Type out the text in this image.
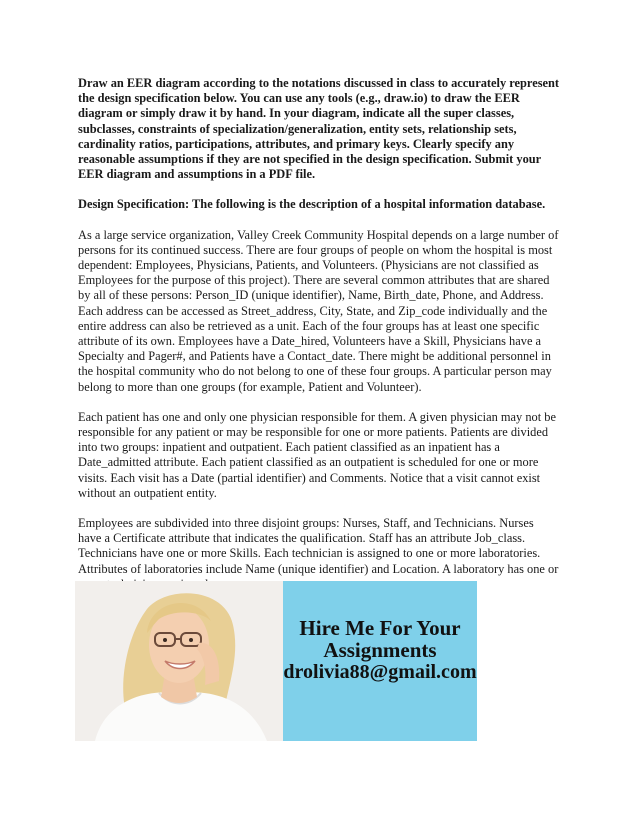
Draw an EER diagram according to the notations discussed in class to accurately represent

the design specification below. You can use any tools (e.g., draw.io) to draw the EER

diagram or simply draw it by hand. In your diagram, indicate all the super classes,

subclasses, constraints of specialization/generalization, entity sets, relationship sets,

cardinality ratios, participations, attributes, and primary keys. Clearly specify any

reasonable assumptions if they are not specified in the design specification. Submit your

EER diagram and assumptions in a PDF file.

Design Specification: The following is the description of a hospital information database.

As a large service organization, Valley Creek Community Hospital depends on a large number of

persons for its continued success. There are four groups of people on whom the hospital is most

dependent: Employees, Physicians, Patients, and Volunteers. (Physicians are not classified as

Employees for the purpose of this project). There are several common attributes that are shared

by all of these persons: Person_ID (unique identifier), Name, Birth_date, Phone, and Address.

Each address can be accessed as Street_address, City, State, and Zip_code individually and the

entire address can also be retrieved as a unit. Each of the four groups has at least one specific

attribute of its own. Employees have a Date_hired, Volunteers have a Skill, Physicians have a

Specialty and Pager#, and Patients have a Contact_date. There might be additional personnel in

the hospital community who do not belong to one of these four groups. A particular person may

belong to more than one groups (for example, Patient and Volunteer).

Each patient has one and only one physician responsible for them. A given physician may not be

responsible for any patient or may be responsible for one or more patients. Patients are divided

into two groups: inpatient and outpatient. Each patient classified as an inpatient has a

Date_admitted attribute. Each patient classified as an outpatient is scheduled for one or more

visits. Each visit has a Date (partial identifier) and Comments. Notice that a visit cannot exist

without an outpatient entity.

Employees are subdivided into three disjoint groups: Nurses, Staff, and Technicians. Nurses

have a Certificate attribute that indicates the qualification. Staff has an attribute Job_class.

Technicians have one or more Skills. Each technician is assigned to one or more laboratories.

Attributes of laboratories include Name (unique identifier) and Location. A laboratory has one or

Hire Me For Your
Assignments
drolivia88@gmail.com
